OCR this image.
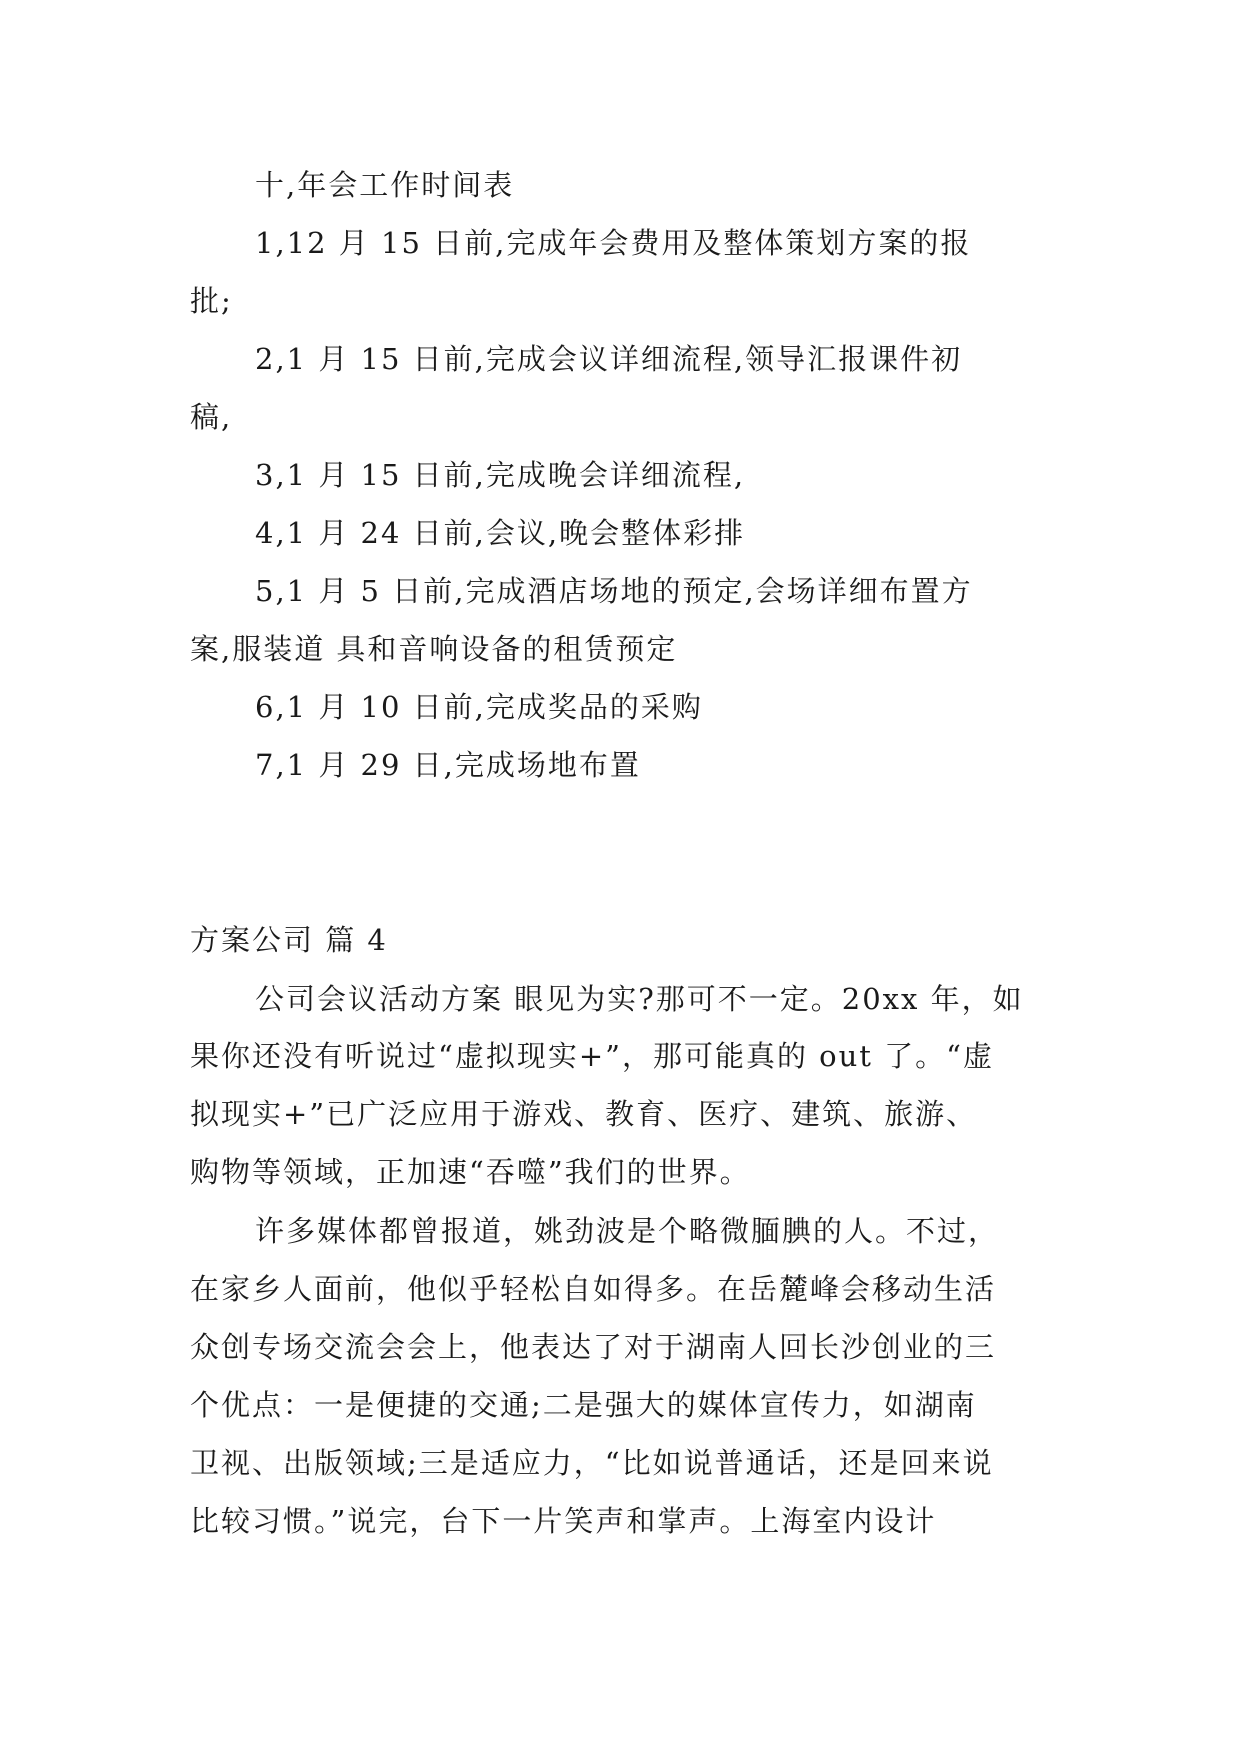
十,年会工作时间表
1,12 月 15 日前,完成年会费用及整体策划方案的报
批;
2,1 月 15 日前,完成会议详细流程,领导汇报课件初
稿,
3,1 月 15 日前,完成晚会详细流程,
4,1 月 24 日前,会议,晚会整体彩排
5,1 月 5 日前,完成酒店场地的预定,会场详细布置方
案,服装道 具和音响设备的租赁预定
6,1 月 10 日前,完成奖品的采购
7,1 月 29 日,完成场地布置
方案公司 篇 4
公司会议活动方案 眼见为实?那可不一定。20xx 年，如
果你还没有听说过“虚拟现实+”，那可能真的 out 了。“虚
拟现实+”已广泛应用于游戏、教育、医疗、建筑、旅游、
购物等领域，正加速“吞噬”我们的世界。
许多媒体都曾报道，姚劲波是个略微腼腆的人。不过，
在家乡人面前，他似乎轻松自如得多。在岳麓峰会移动生活
众创专场交流会会上，他表达了对于湖南人回长沙创业的三
个优点：一是便捷的交通;二是强大的媒体宣传力，如湖南
卫视、出版领域;三是适应力，“比如说普通话，还是回来说
比较习惯。”说完，台下一片笑声和掌声。上海室内设计
